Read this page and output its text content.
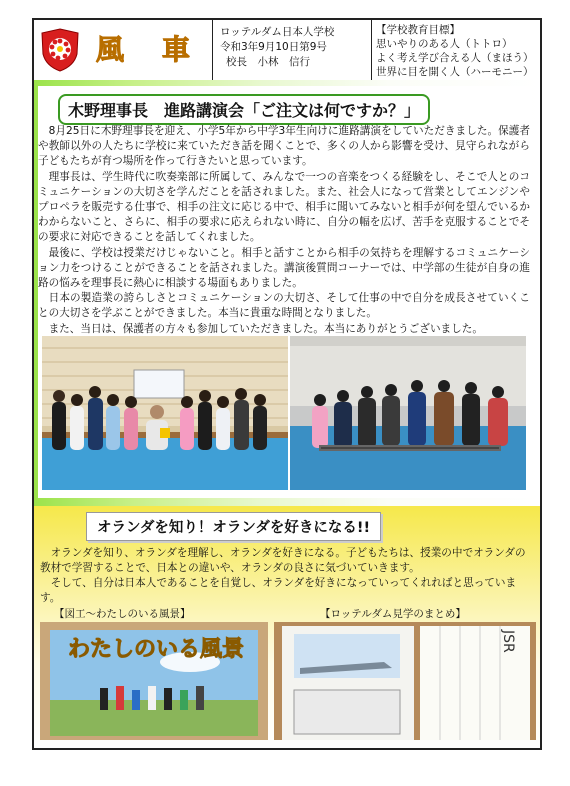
風 車
ロッテルダム日本人学校
令和3年9月10日第9号
校長　小林　信行
【学校教育目標】
思いやりのある人（トトロ）
よく考え学び合える人（まほう）
世界に目を開く人（ハーモニー）
木野理事長　進路講演会「ご注文は何ですか？」

8月25日に木野理事長を迎え、小学5年から中学3年生向けに進路講演をしていただきました。保護者や教師以外の人たちに学校に来ていただき話を聞くことで、多くの人から影響を受け、見守られながら子どもたちが育つ場所を作って行きたいと思っています。

理事長は、学生時代に吹奏楽部に所属して、みんなで一つの音楽をつくる経験をし、そこで人とのコミュニケーションの大切さを学んだことを話されました。また、社会人になって営業としてエンジンやプロペラを販売する仕事で、相手の注文に応じる中で、相手に聞いてみないと相手が何を望んでいるかわからないこと、さらに、相手の要求に応えられない時に、自分の幅を広げ、苦手を克服することでその要求に対応できることを話してくれました。

最後に、学校は授業だけじゃないこと。相手と話すことから相手の気持ちを理解するコミュニケーション力をつけることができることを話されました。講演後質問コーナーでは、中学部の生徒が自身の進路の悩みを理事長に熱心に相談する場面もありました。

日本の製造業の誇らしさとコミュニケーションの大切さ、そして仕事の中で自分を成長させていくことの大切さを学ぶことができました。本当に貴重な時間となりました。

また、当日は、保護者の方々も参加していただきました。本当にありがとうございました。

オランダを知り！オランダを好きになる!!

オランダを知り、オランダを理解し、オランダを好きになる。子どもたちは、授業の中でオランダの教材で学習することで、日本との違いや、オランダの良さに気づいていきます。

そして、自分は日本人であることを自覚し、オランダを好きになっていってくれればと思っています。

【図工～わたしのいる風景】	【ロッテルダム見学のまとめ】
わたしのいる風景	JSR
